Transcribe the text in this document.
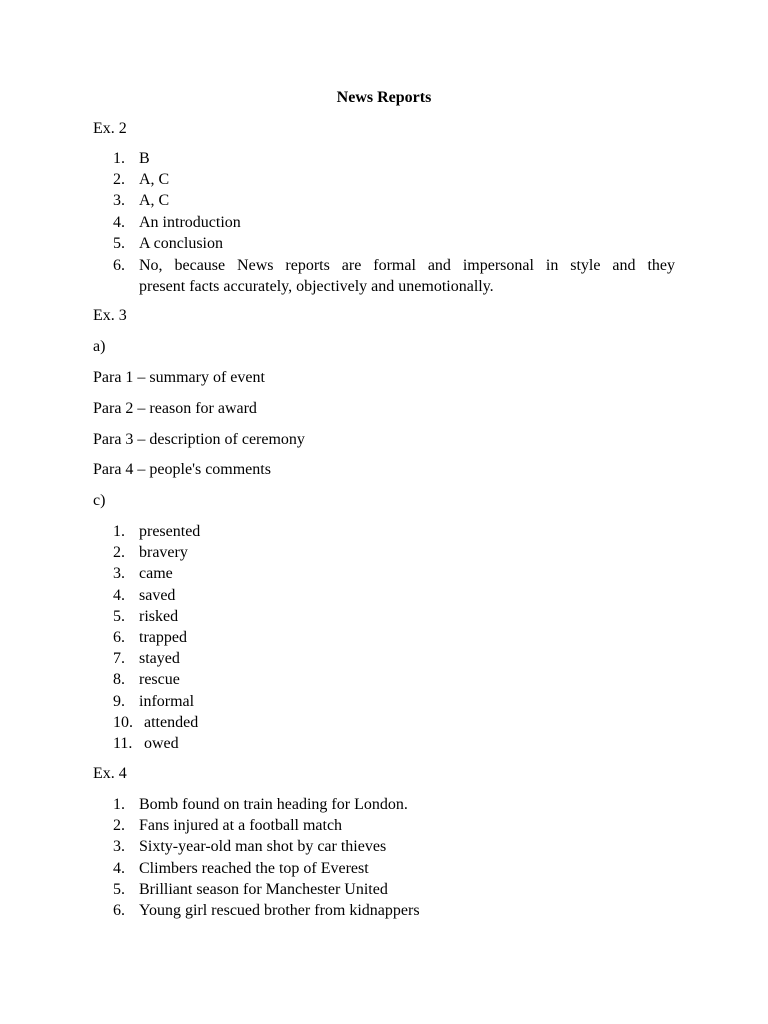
News Reports
Ex. 2
1. B
2. A, C
3. A, C
4. An introduction
5. A conclusion
6. No, because News reports are formal and impersonal in style and they
present facts accurately, objectively and unemotionally.
Ex. 3
a)
Para 1 – summary of event
Para 2 – reason for award
Para 3 – description of ceremony
Para 4 – people's comments
c)
1. presented
2. bravery
3. came
4. saved
5. risked
6. trapped
7. stayed
8. rescue
9. informal
10. attended
11. owed
Ex. 4
1. Bomb found on train heading for London.
2. Fans injured at a football match
3. Sixty-year-old man shot by car thieves
4. Climbers reached the top of Everest
5. Brilliant season for Manchester United
6. Young girl rescued brother from kidnappers
